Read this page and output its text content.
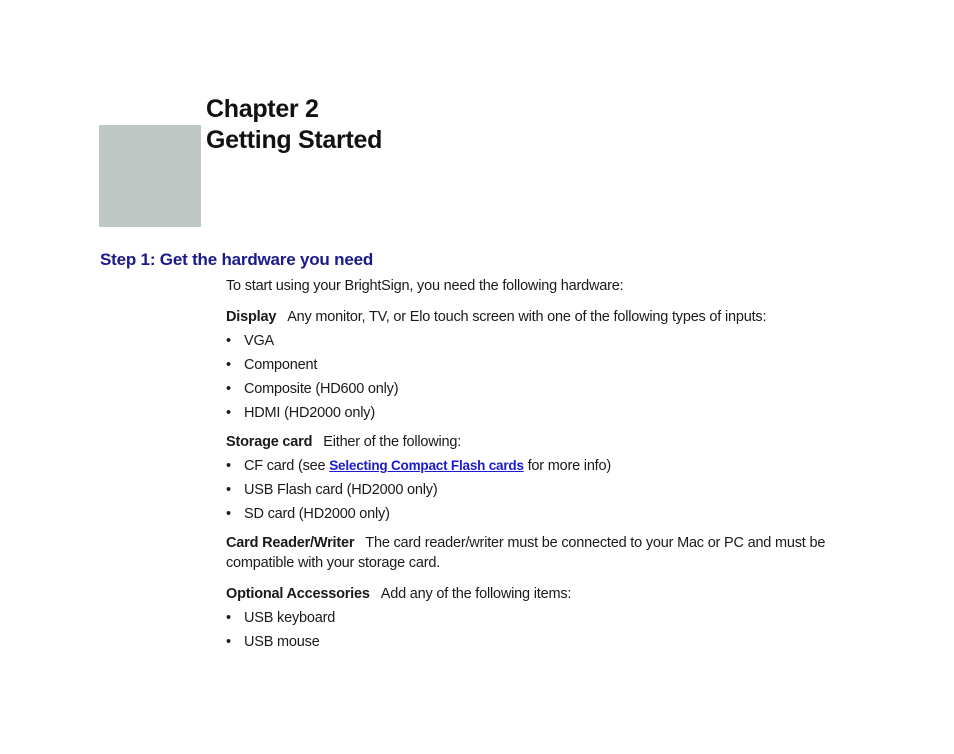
Chapter 2
Getting Started
Step 1: Get the hardware you need

To start using your BrightSign, you need the following hardware:

Display Any monitor, TV, or Elo touch screen with one of the following types of inputs:

• VGA
• Component
• Composite (HD600 only)
• HDMI (HD2000 only)

Storage card Either of the following:

• CF card (see Selecting Compact Flash cards for more info)
• USB Flash card (HD2000 only)
• SD card (HD2000 only)

Card Reader/Writer The card reader/writer must be connected to your Mac or PC and must be compatible with your storage card.

Optional Accessories Add any of the following items:

• USB keyboard
• USB mouse
